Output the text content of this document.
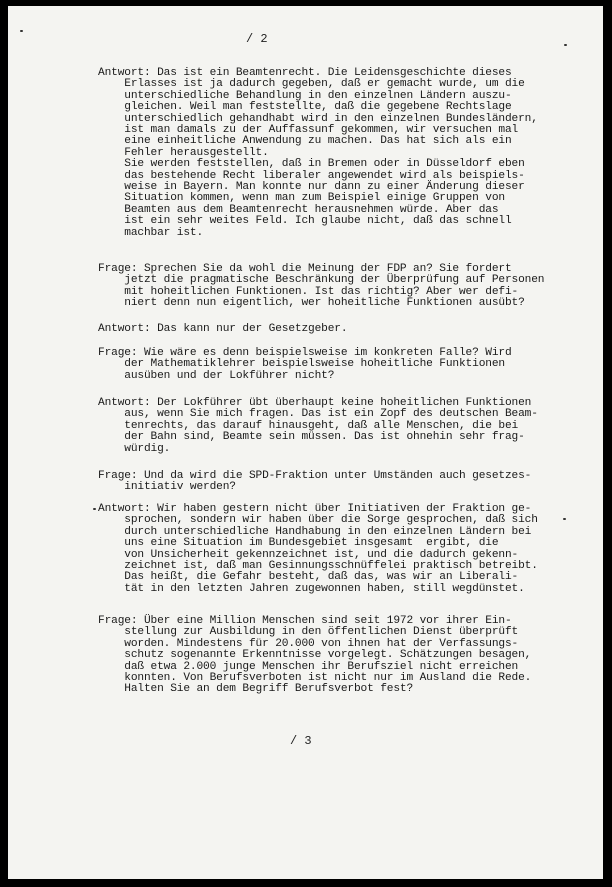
/ 2
Antwort: Das ist ein Beamtenrecht. Die Leidensgeschichte dieses
Erlasses ist ja dadurch gegeben, daß er gemacht wurde, um die
unterschiedliche Behandlung in den einzelnen Ländern auszu-
gleichen. Weil man feststellte, daß die gegebene Rechtslage
unterschiedlich gehandhabt wird in den einzelnen Bundesländern,
ist man damals zu der Auffassunf gekommen, wir versuchen mal
eine einheitliche Anwendung zu machen. Das hat sich als ein
Fehler herausgestellt.
Sie werden feststellen, daß in Bremen oder in Düsseldorf eben
das bestehende Recht liberaler angewendet wird als beispiels-
weise in Bayern. Man konnte nur dann zu einer Änderung dieser
Situation kommen, wenn man zum Beispiel einige Gruppen von
Beamten aus dem Beamtenrecht herausnehmen würde. Aber das
ist ein sehr weites Feld. Ich glaube nicht, daß das schnell
machbar ist.
Frage: Sprechen Sie da wohl die Meinung der FDP an? Sie fordert
jetzt die pragmatische Beschränkung der Überprüfung auf Personen
mit hoheitlichen Funktionen. Ist das richtig? Aber wer defi-
niert denn nun eigentlich, wer hoheitliche Funktionen ausübt?
Antwort: Das kann nur der Gesetzgeber.
Frage: Wie wäre es denn beispielsweise im konkreten Falle? Wird
der Mathematiklehrer beispielsweise hoheitliche Funktionen
ausüben und der Lokführer nicht?
Antwort: Der Lokführer übt überhaupt keine hoheitlichen Funktionen
aus, wenn Sie mich fragen. Das ist ein Zopf des deutschen Beam-
tenrechts, das darauf hinausgeht, daß alle Menschen, die bei
der Bahn sind, Beamte sein müssen. Das ist ohnehin sehr frag-
würdig.
Frage: Und da wird die SPD-Fraktion unter Umständen auch gesetzes-
initiativ werden?
Antwort: Wir haben gestern nicht über Initiativen der Fraktion ge-
sprochen, sondern wir haben über die Sorge gesprochen, daß sich
durch unterschiedliche Handhabung in den einzelnen Ländern bei
uns eine Situation im Bundesgebiet insgesamt  ergibt, die
von Unsicherheit gekennzeichnet ist, und die dadurch gekenn-
zeichnet ist, daß man Gesinnungsschnüffelei praktisch betreibt.
Das heißt, die Gefahr besteht, daß das, was wir an Liberali-
tät in den letzten Jahren zugewonnen haben, still wegdünstet.
Frage: Über eine Million Menschen sind seit 1972 vor ihrer Ein-
stellung zur Ausbildung in den öffentlichen Dienst überprüft
worden. Mindestens für 20.000 von ihnen hat der Verfassungs-
schutz sogenannte Erkenntnisse vorgelegt. Schätzungen besagen,
daß etwa 2.000 junge Menschen ihr Berufsziel nicht erreichen
konnten. Von Berufsverboten ist nicht nur im Ausland die Rede.
Halten Sie an dem Begriff Berufsverbot fest?
/ 3
